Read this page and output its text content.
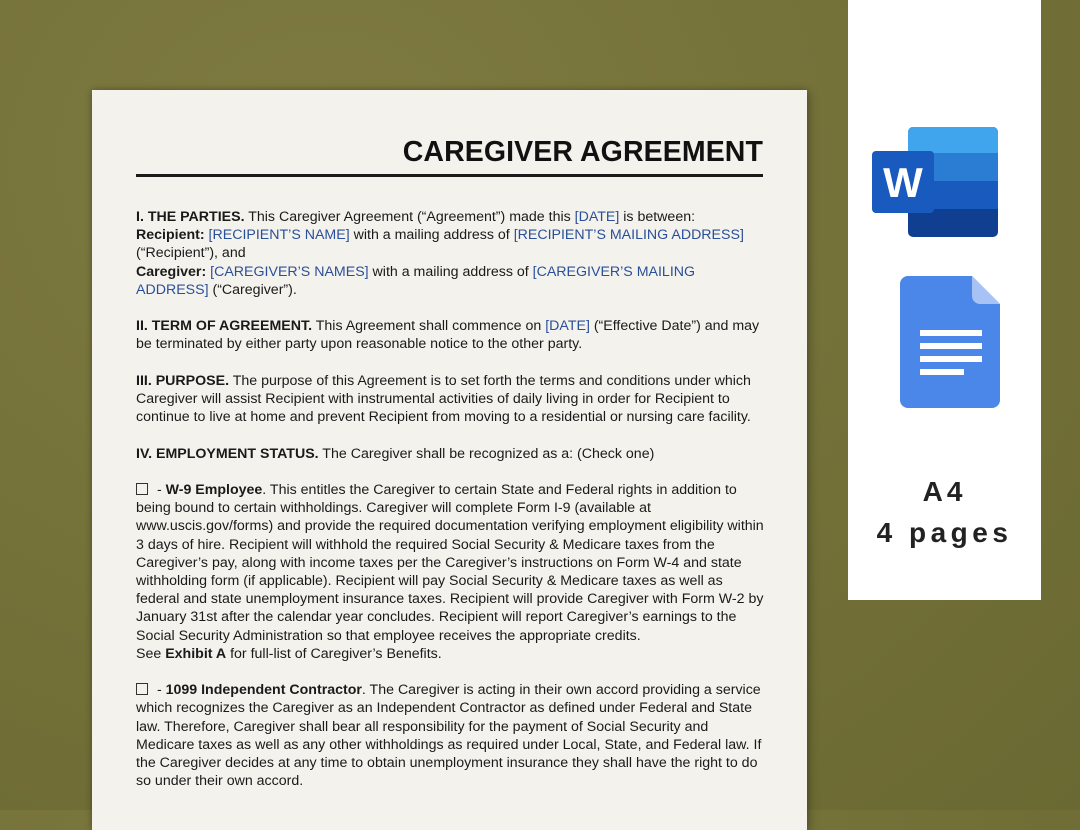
CAREGIVER AGREEMENT

I. THE PARTIES. This Caregiver Agreement (“Agreement”) made this [DATE] is between:
Recipient: [RECIPIENT’S NAME] with a mailing address of [RECIPIENT’S MAILING ADDRESS] (“Recipient”), and
Caregiver: [CAREGIVER’S NAMES] with a mailing address of [CAREGIVER’S MAILING ADDRESS] (“Caregiver”).

II. TERM OF AGREEMENT. This Agreement shall commence on [DATE] (“Effective Date”) and may be terminated by either party upon reasonable notice to the other party.

III. PURPOSE. The purpose of this Agreement is to set forth the terms and conditions under which Caregiver will assist Recipient with instrumental activities of daily living in order for Recipient to continue to live at home and prevent Recipient from moving to a residential or nursing care facility.

IV. EMPLOYMENT STATUS. The Caregiver shall be recognized as a: (Check one)

- W-9 Employee. This entitles the Caregiver to certain State and Federal rights in addition to being bound to certain withholdings. Caregiver will complete Form I-9 (available at www.uscis.gov/forms) and provide the required documentation verifying employment eligibility within 3 days of hire. Recipient will withhold the required Social Security & Medicare taxes from the Caregiver’s pay, along with income taxes per the Caregiver’s instructions on Form W-4 and state withholding form (if applicable). Recipient will pay Social Security & Medicare taxes as well as federal and state unemployment insurance taxes. Recipient will provide Caregiver with Form W-2 by January 31st after the calendar year concludes. Recipient will report Caregiver’s earnings to the Social Security Administration so that employee receives the appropriate credits.
See Exhibit A for full-list of Caregiver’s Benefits.

- 1099 Independent Contractor. The Caregiver is acting in their own accord providing a service which recognizes the Caregiver as an Independent Contractor as defined under Federal and State law. Therefore, Caregiver shall bear all responsibility for the payment of Social Security and Medicare taxes as well as any other withholdings as required under Local, State, and Federal law. If the Caregiver decides at any time to obtain unemployment insurance they shall have the right to do so under their own accord.

W
A4
4 pages
